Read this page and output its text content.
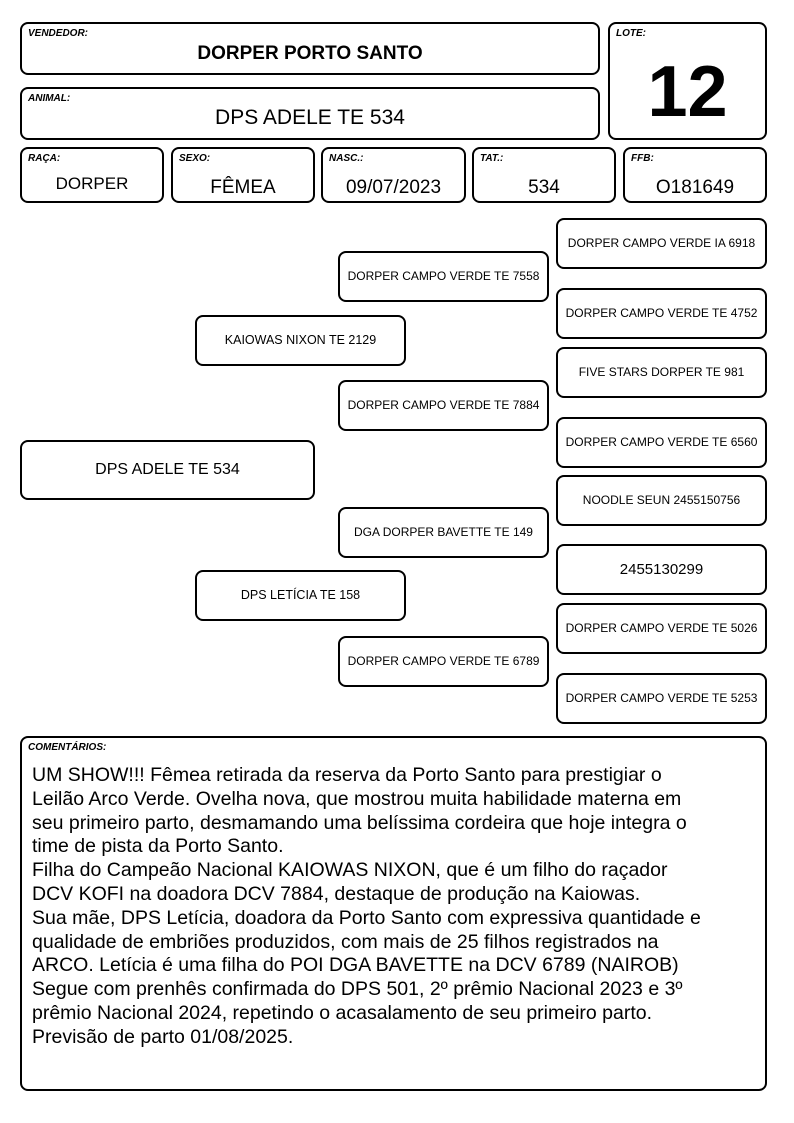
VENDEDOR:
DORPER PORTO SANTO
ANIMAL:
DPS ADELE TE 534
LOTE:
12
RAÇA:
DORPER
SEXO:
FÊMEA
NASC.:
09/07/2023
TAT.:
534
FFB:
O181649
DPS ADELE TE 534
KAIOWAS NIXON TE 2129
DPS LETÍCIA TE 158
DORPER CAMPO VERDE TE 7558
DORPER CAMPO VERDE TE 7884
DGA DORPER BAVETTE TE 149
DORPER CAMPO VERDE TE 6789
DORPER CAMPO VERDE IA 6918
DORPER CAMPO VERDE TE 4752
FIVE STARS DORPER TE 981
DORPER CAMPO VERDE TE 6560
NOODLE SEUN 2455150756
2455130299
DORPER CAMPO VERDE TE 5026
DORPER CAMPO VERDE TE 5253
COMENTÁRIOS:
UM SHOW!!! Fêmea retirada da reserva da Porto Santo para prestigiar o
Leilão Arco Verde. Ovelha nova, que mostrou muita habilidade materna em
seu primeiro parto, desmamando uma belíssima cordeira que hoje integra o
time de pista da Porto Santo.
Filha do Campeão Nacional KAIOWAS NIXON, que é um filho do raçador
DCV KOFI na doadora DCV 7884, destaque de produção na Kaiowas.
Sua mãe, DPS Letícia, doadora da Porto Santo com expressiva quantidade e
qualidade de embriões produzidos, com mais de 25 filhos registrados na
ARCO. Letícia é uma filha do POI DGA BAVETTE na DCV 6789 (NAIROB)
Segue com prenhês confirmada do DPS 501, 2º prêmio Nacional 2023 e 3º
prêmio Nacional 2024, repetindo o acasalamento de seu primeiro parto.
Previsão de parto 01/08/2025.
